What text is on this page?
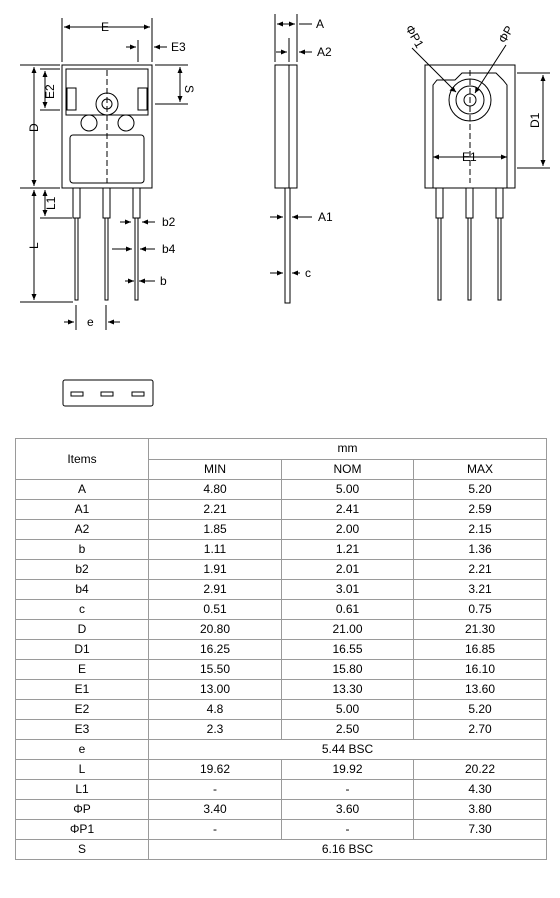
E
E3
S
E2
D
L1
L
b2
b4
b
e
A
A2
A1
c
ΦP1	ΦP
D1
E1
Items	mm		
	MIN	NOM	MAX
A	4.80	5.00	5.20
A1	2.21	2.41	2.59
A2	1.85	2.00	2.15
b	1.11	1.21	1.36
b2	1.91	2.01	2.21
b4	2.91	3.01	3.21
c	0.51	0.61	0.75
D	20.80	21.00	21.30
D1	16.25	16.55	16.85
E	15.50	15.80	16.10
E1	13.00	13.30	13.60
E2	4.8	5.00	5.20
E3	2.3	2.50	2.70
e	5.44 BSC		
L	19.62	19.92	20.22
L1	-	-	4.30
ΦP	3.40	3.60	3.80
ΦP1	-	-	7.30
S	6.16 BSC		
